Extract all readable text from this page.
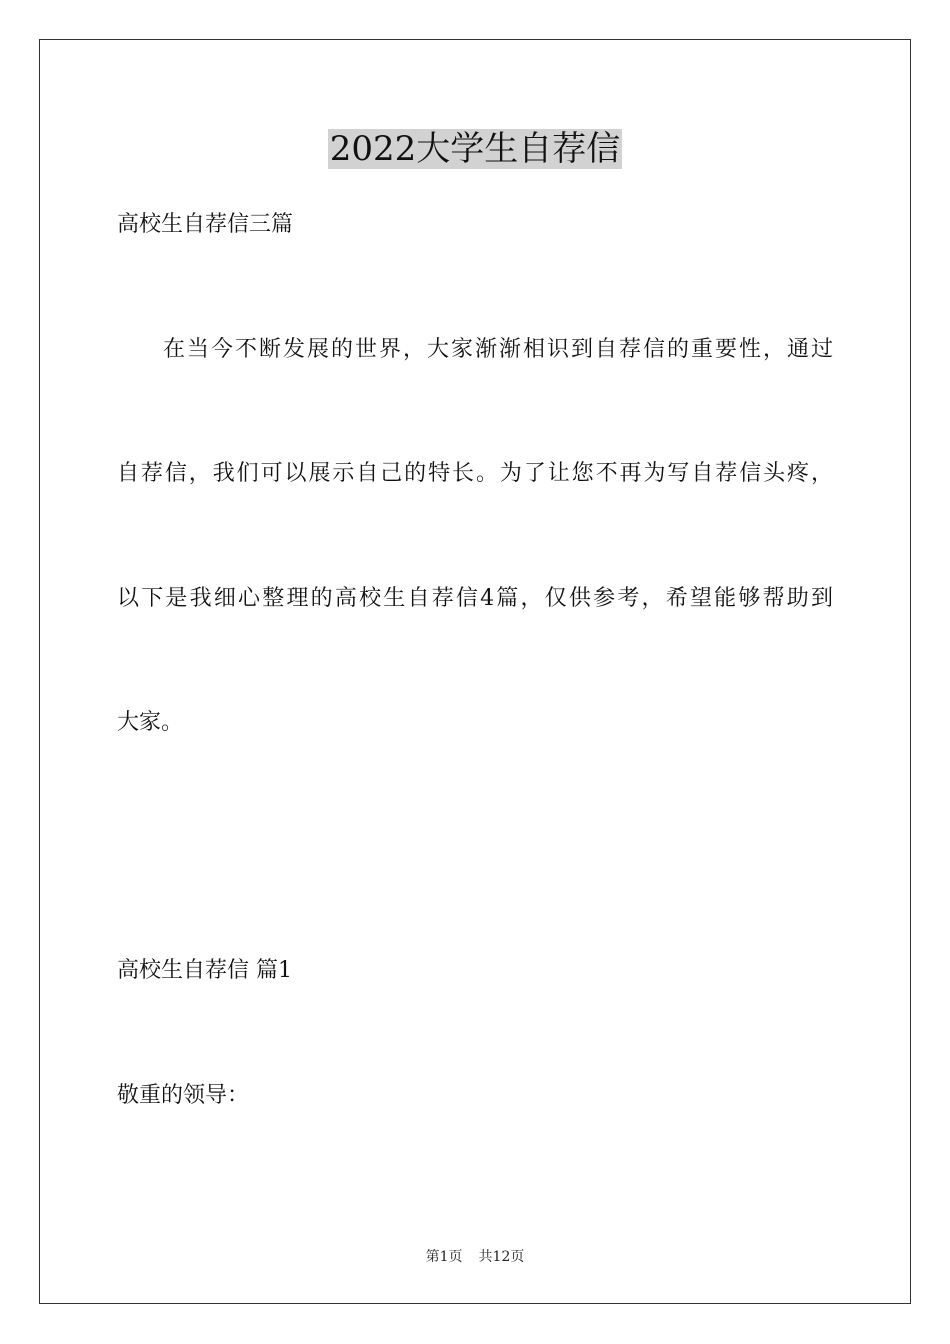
2022大学生自荐信
高校生自荐信三篇
在当今不断发展的世界，大家渐渐相识到自荐信的重要性，通过
自荐信，我们可以展示自己的特长。为了让您不再为写自荐信头疼，
以下是我细心整理的高校生自荐信4篇，仅供参考，希望能够帮助到
大家。
高校生自荐信 篇1
敬重的领导：
第1页 共12页
